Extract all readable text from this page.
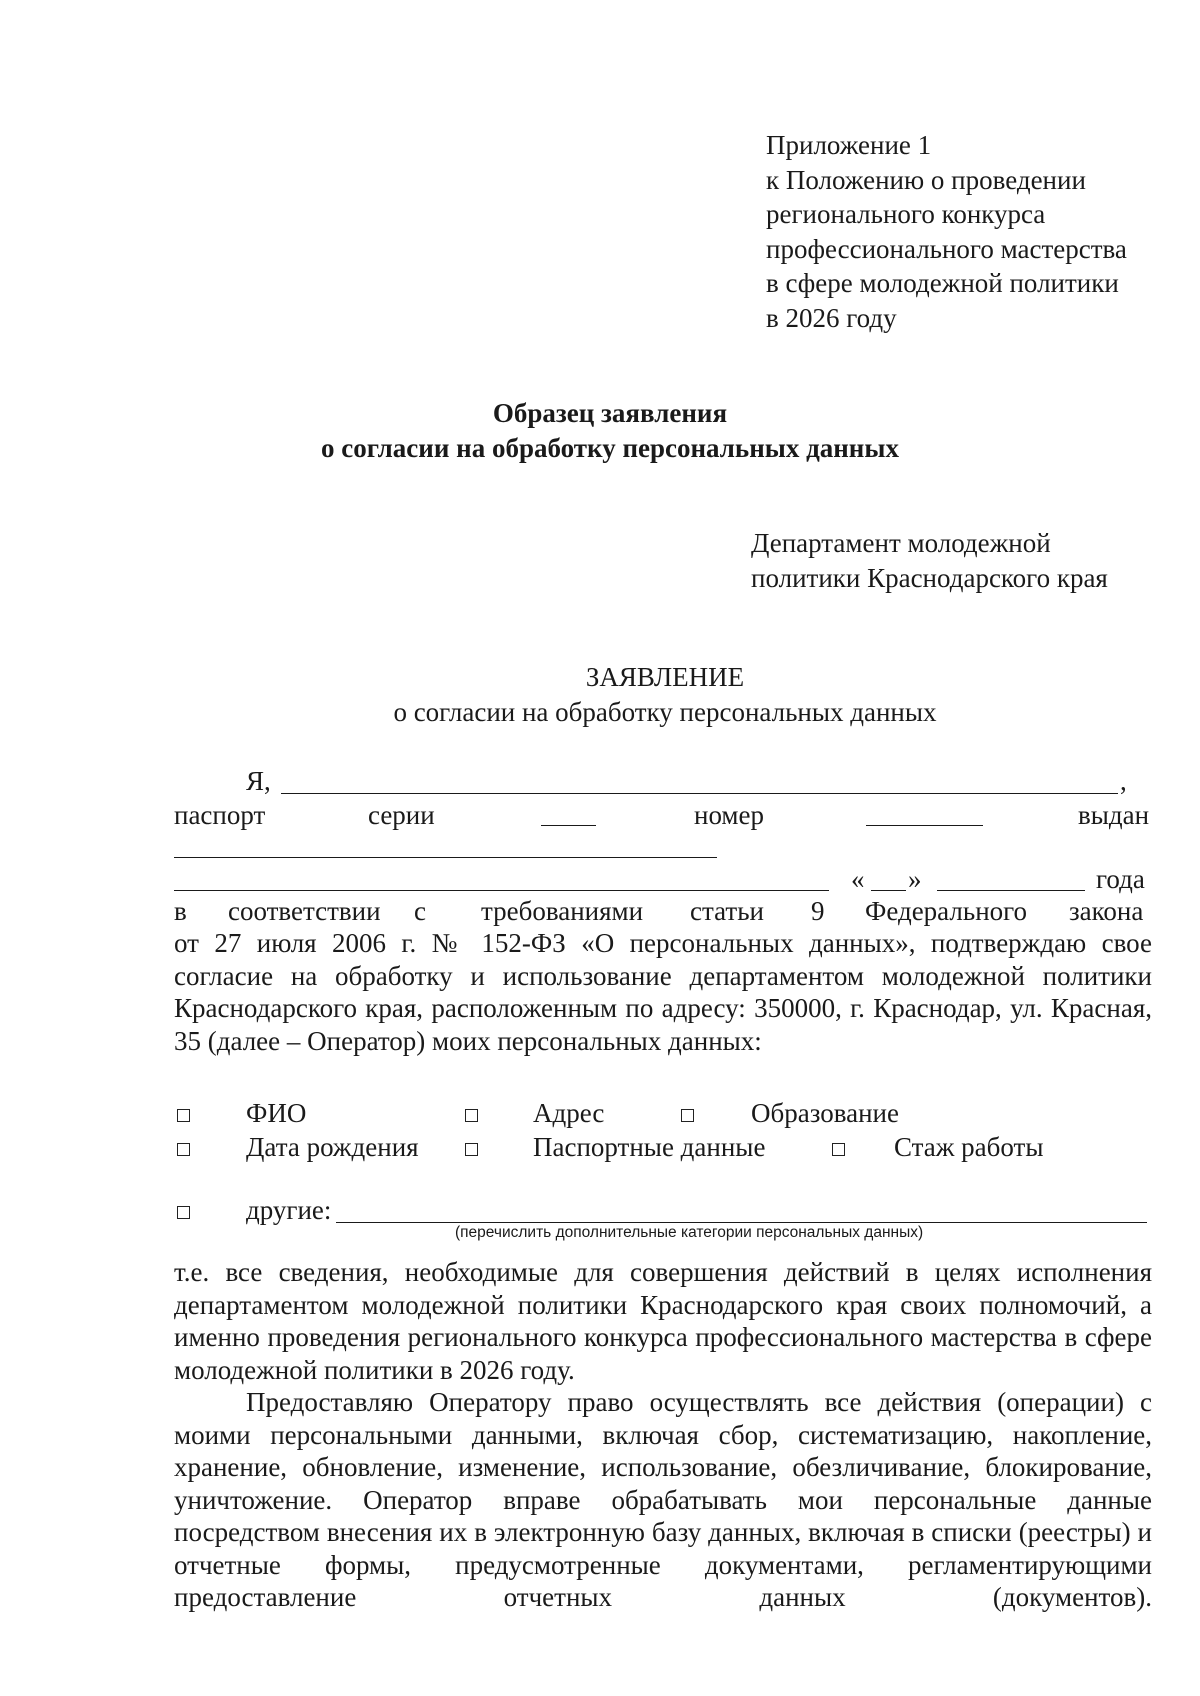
Приложение 1
к Положению о проведении
регионального конкурса
профессионального мастерства
в сфере молодежной политики
в 2026 году
Образец заявления
о согласии на обработку персональных данных
Департамент молодежной
политики Краснодарского края
ЗАЯВЛЕНИЕ
о согласии на обработку персональных данных
Я,	,
паспорт	серии	номер	выдан
« »	года
в соответствии с требованиями статьи 9 Федерального закона
от 27 июля 2006 г. № 152-ФЗ «О персональных данных», подтверждаю свое согласие на обработку и использование департаментом молодежной политики Краснодарского края, расположенным по адресу: 350000, г. Краснодар, ул. Красная, 35 (далее – Оператор) моих персональных данных:
ФИО	Адрес	Образование
Дата рождения	Паспортные данные	Стаж работы
другие:
(перечислить дополнительные категории персональных данных)
т.е. все сведения, необходимые для совершения действий в целях исполнения департаментом молодежной политики Краснодарского края своих полномочий, а именно проведения регионального конкурса профессионального мастерства в сфере молодежной политики в 2026 году.
Предоставляю Оператору право осуществлять все действия (операции) с моими персональными данными, включая сбор, систематизацию, накопление, хранение, обновление, изменение, использование, обезличивание, блокирование, уничтожение. Оператор вправе обрабатывать мои персональные данные посредством внесения их в электронную базу данных, включая в списки (реестры) и отчетные формы, предусмотренные документами, регламентирующими предоставление отчетных данных (документов).
